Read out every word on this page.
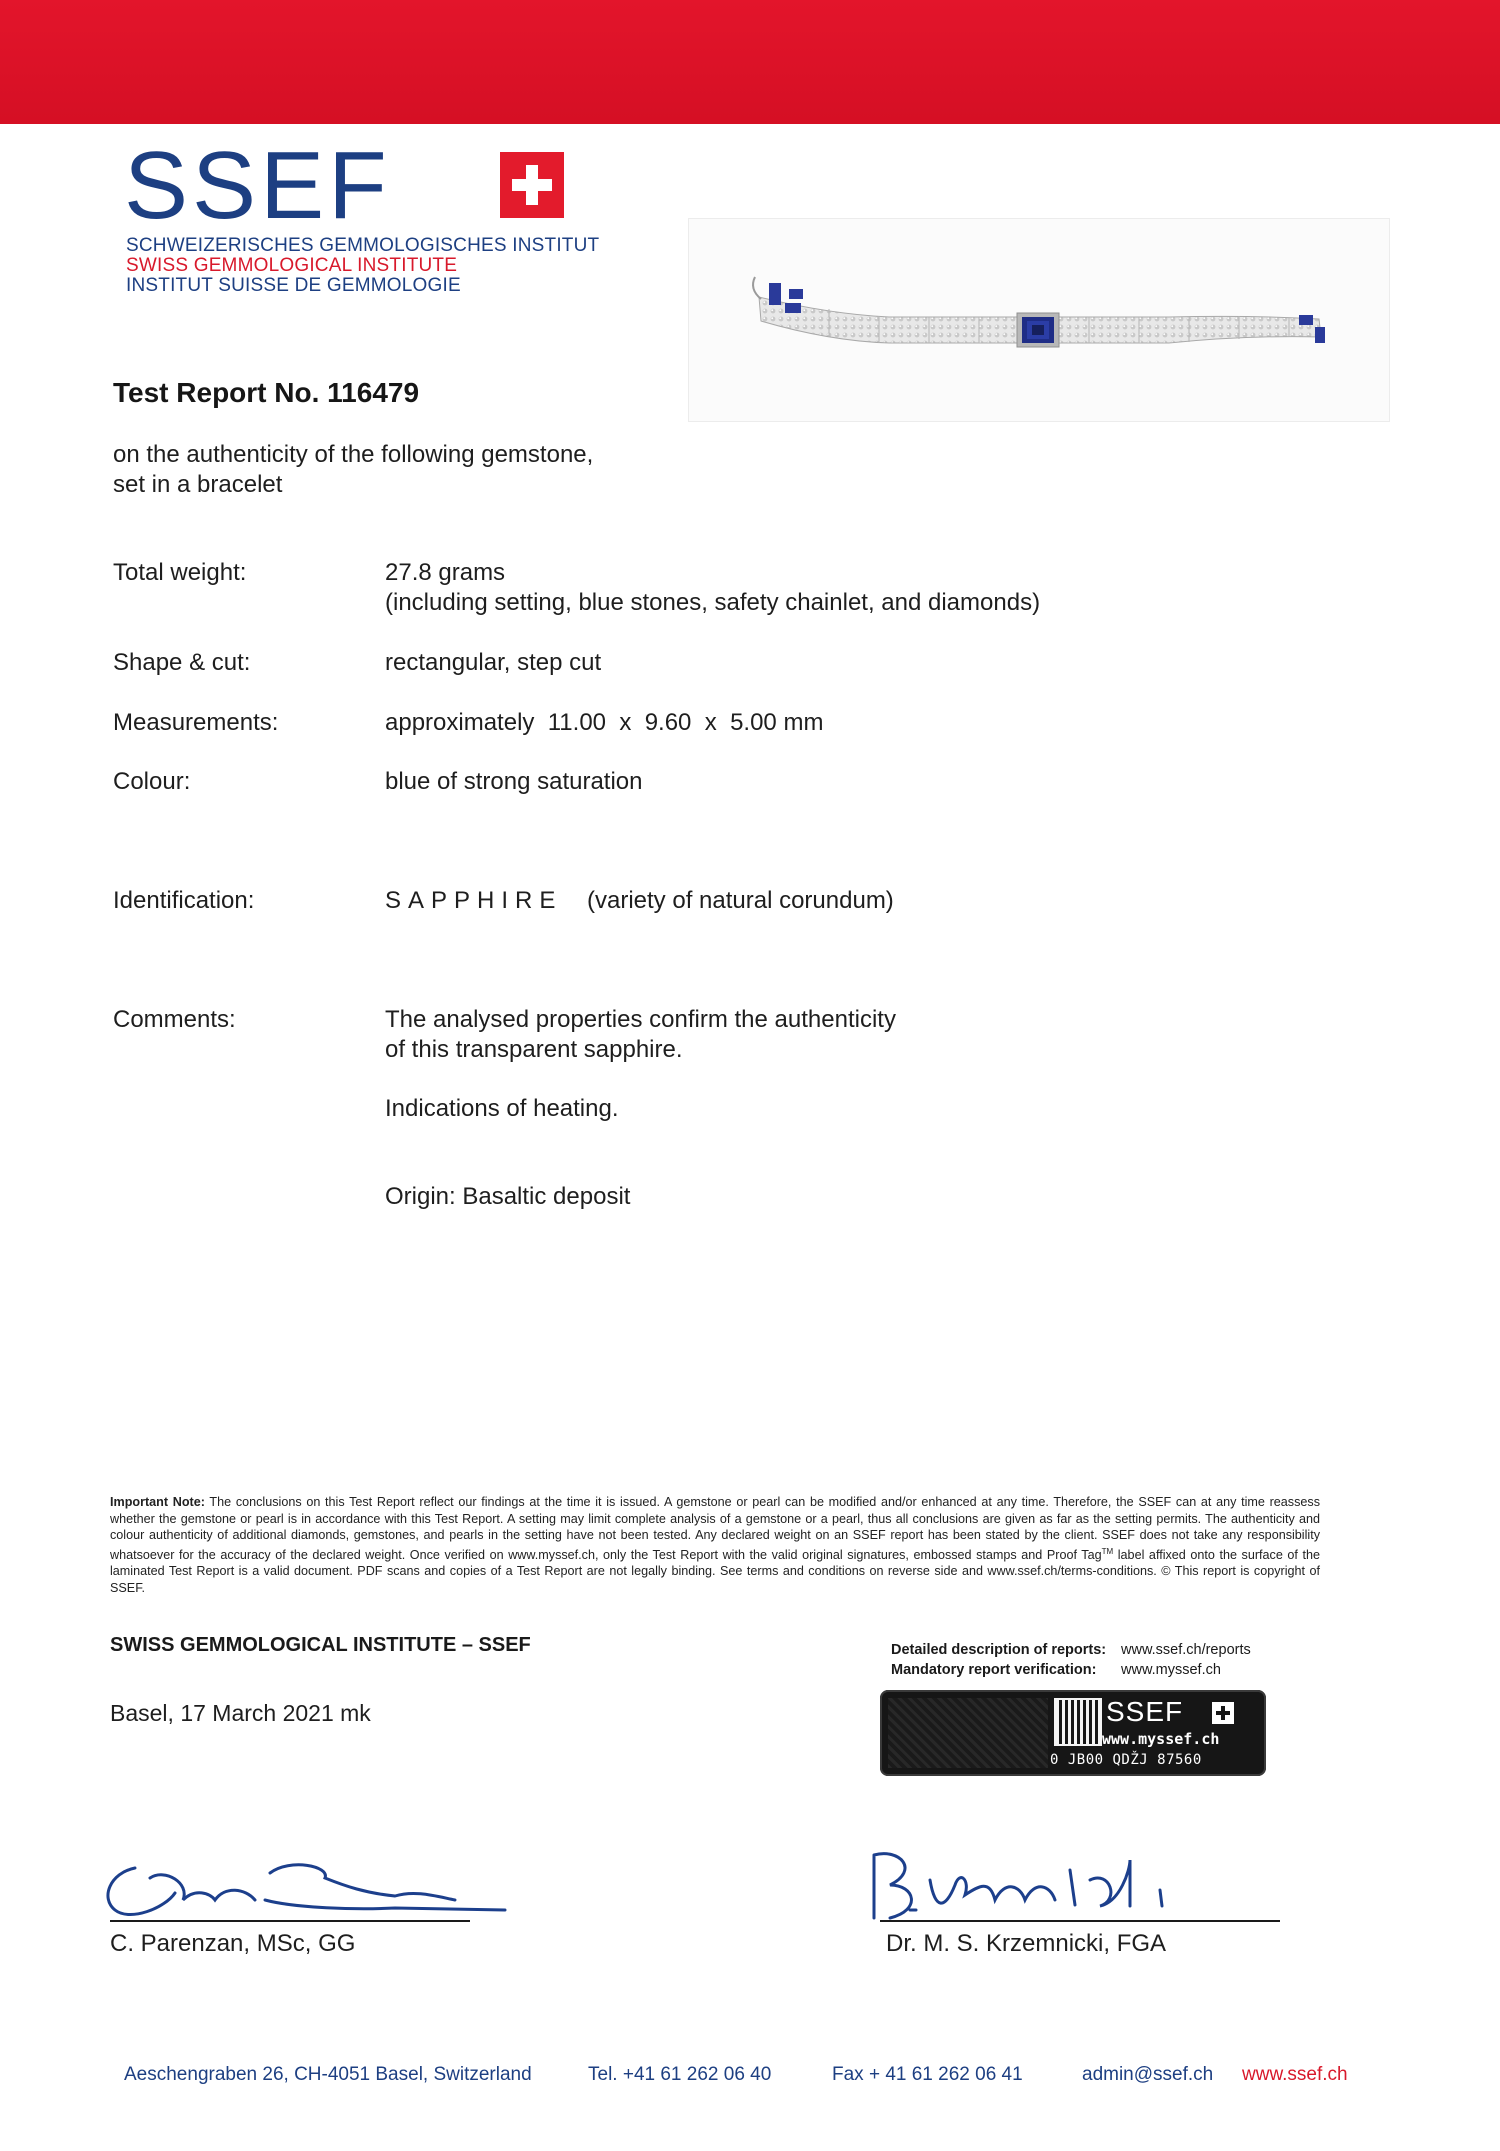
SSEF
SCHWEIZERISCHES GEMMOLOGISCHES INSTITUT
SWISS GEMMOLOGICAL INSTITUTE
INSTITUT SUISSE DE GEMMOLOGIE
Test Report No. 116479
on the authenticity of the following gemstone,
set in a bracelet
Total weight:	27.8 grams
(including setting, blue stones, safety chainlet, and diamonds)
Shape & cut:	rectangular, step cut
Measurements:	approximately  11.00  x  9.60  x  5.00 mm
Colour:	blue of strong saturation
Identification:	SAPPHIRE (variety of natural corundum)
Comments:	The analysed properties confirm the authenticity
of this transparent sapphire.
Indications of heating.
Origin: Basaltic deposit
Important Note: The conclusions on this Test Report reflect our findings at the time it is issued. A gemstone or pearl can be modified and/or enhanced at any time. Therefore, the SSEF can at any time reassess whether the gemstone or pearl is in accordance with this Test Report. A setting may limit complete analysis of a gemstone or a pearl, thus all conclusions are given as far as the setting permits. The authenticity and colour authenticity of additional diamonds, gemstones, and pearls in the setting have not been tested. Any declared weight on an SSEF report has been stated by the client. SSEF does not take any responsibility whatsoever for the accuracy of the declared weight. Once verified on www.myssef.ch, only the Test Report with the valid original signatures, embossed stamps and Proof Tag™ label affixed onto the surface of the laminated Test Report is a valid document. PDF scans and copies of a Test Report are not legally binding. See terms and conditions on reverse side and www.ssef.ch/terms-conditions. © This report is copyright of SSEF.
SWISS GEMMOLOGICAL INSTITUTE – SSEF
Basel, 17 March 2021 mk
Detailed description of reports: www.ssef.ch/reports
Mandatory report verification: www.myssef.ch
SSEF
www.myssef.ch
0 JB00 QDŽJ 87560
C. Parenzan, MSc, GG	Dr. M. S. Krzemnicki, FGA
Aeschengraben 26, CH-4051 Basel, Switzerland	Tel. +41 61 262 06 40	Fax + 41 61 262 06 41	admin@ssef.ch www.ssef.ch
